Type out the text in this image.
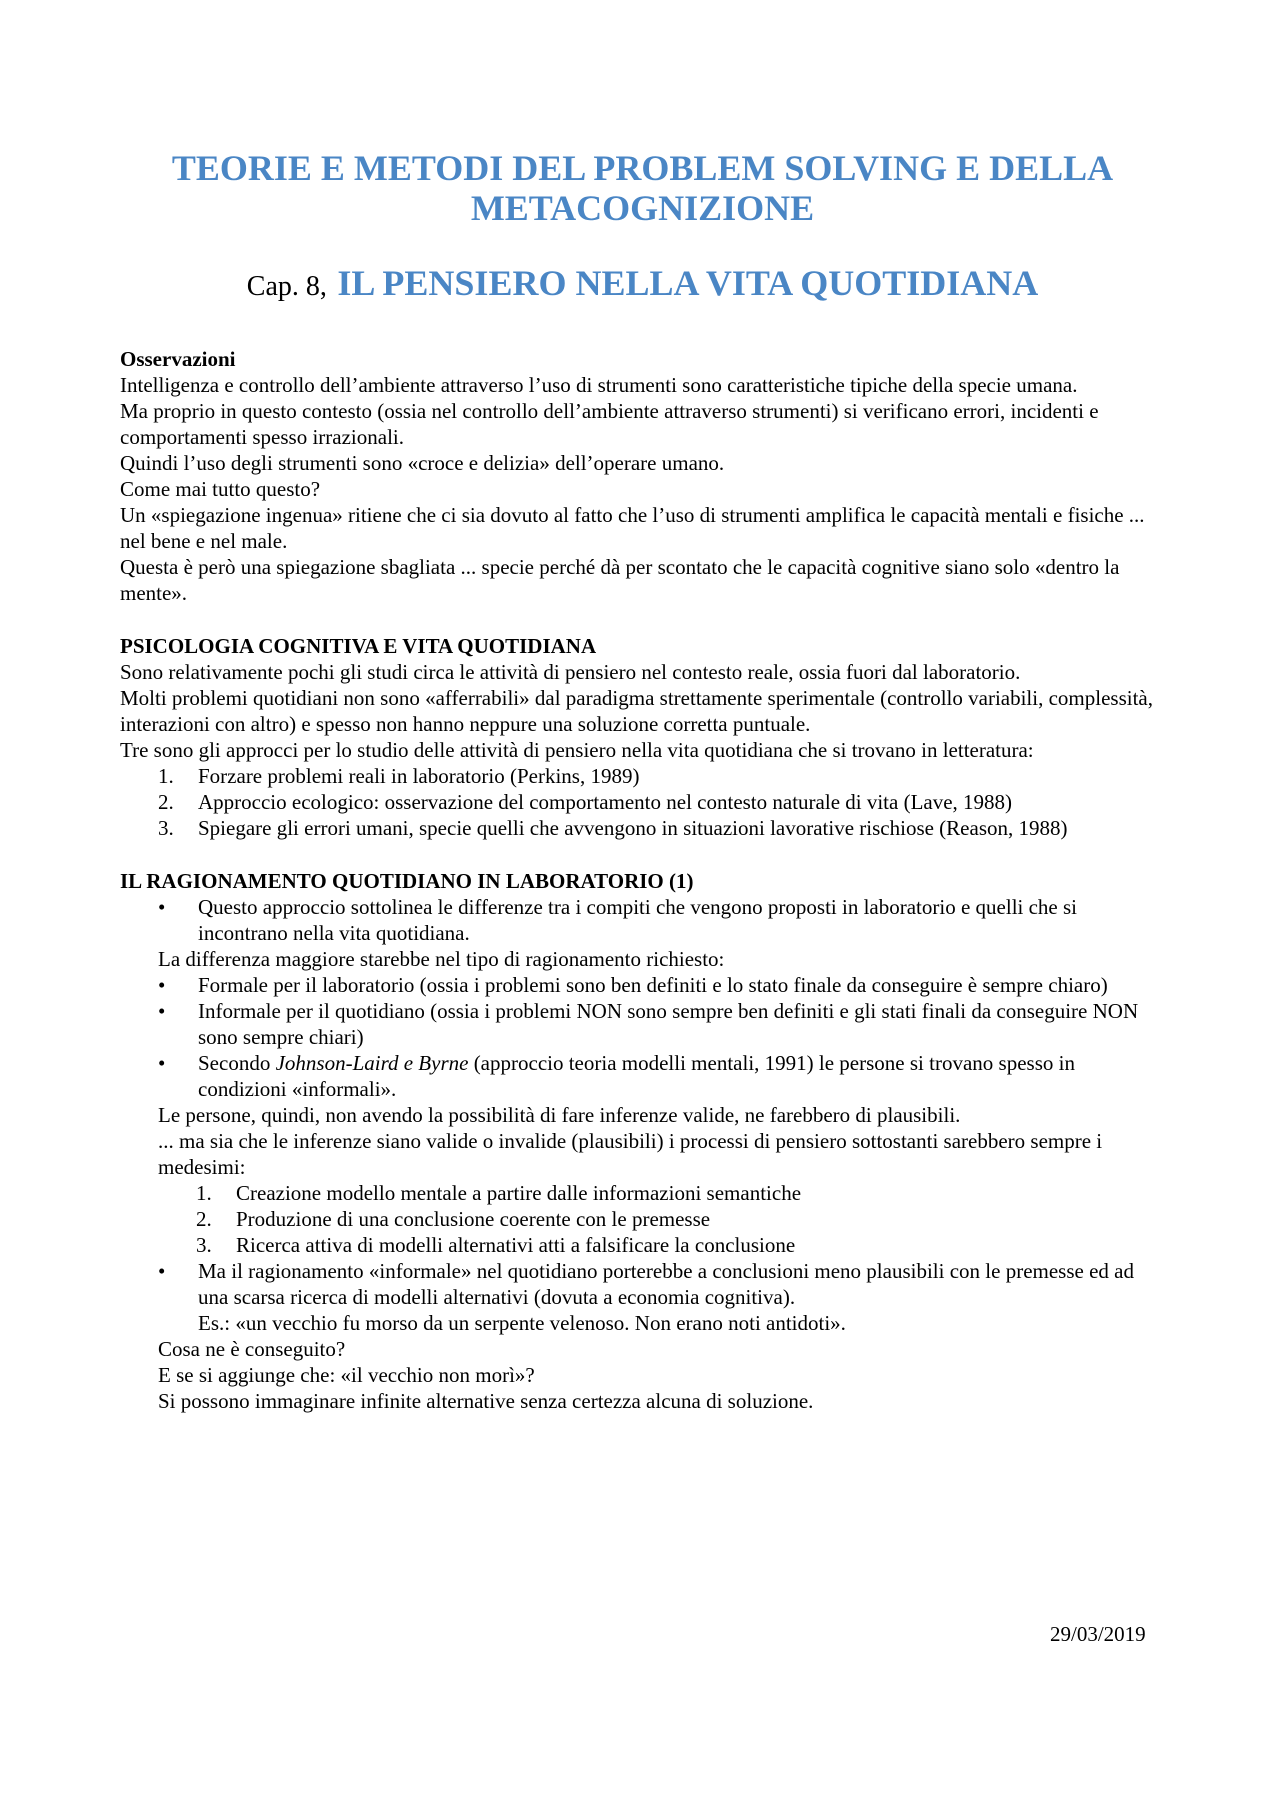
TEORIE E METODI DEL PROBLEM SOLVING E DELLA METACOGNIZIONE
Cap. 8, IL PENSIERO NELLA VITA QUOTIDIANA

Osservazioni

Intelligenza e controllo dell’ambiente attraverso l’uso di strumenti sono caratteristiche tipiche della specie umana.

Ma proprio in questo contesto (ossia nel controllo dell’ambiente attraverso strumenti) si verificano errori, incidenti e comportamenti spesso irrazionali.

Quindi l’uso degli strumenti sono «croce e delizia» dell’operare umano.

Come mai tutto questo?

Un «spiegazione ingenua» ritiene che ci sia dovuto al fatto che l’uso di strumenti amplifica le capacità mentali e fisiche ... nel bene e nel male.

Questa è però una spiegazione sbagliata ... specie perché dà per scontato che le capacità cognitive siano solo «dentro la mente».

PSICOLOGIA COGNITIVA E VITA QUOTIDIANA

Sono relativamente pochi gli studi circa le attività di pensiero nel contesto reale, ossia fuori dal laboratorio.

Molti problemi quotidiani non sono «afferrabili» dal paradigma strettamente sperimentale (controllo variabili, complessità, interazioni con altro) e spesso non hanno neppure una soluzione corretta puntuale.

Tre sono gli approcci per lo studio delle attività di pensiero nella vita quotidiana che si trovano in letteratura:

1.	Forzare problemi reali in laboratorio (Perkins, 1989)
2.	Approccio ecologico: osservazione del comportamento nel contesto naturale di vita (Lave, 1988)
3.	Spiegare gli errori umani, specie quelli che avvengono in situazioni lavorative rischiose (Reason, 1988)

IL RAGIONAMENTO QUOTIDIANO IN LABORATORIO (1)

• Questo approccio sottolinea le differenze tra i compiti che vengono proposti in laboratorio e quelli che si incontrano nella vita quotidiana.

La differenza maggiore starebbe nel tipo di ragionamento richiesto:

• Formale per il laboratorio (ossia i problemi sono ben definiti e lo stato finale da conseguire è sempre chiaro)
• Informale per il quotidiano (ossia i problemi NON sono sempre ben definiti e gli stati finali da conseguire NON sono sempre chiari)
• Secondo Johnson-Laird e Byrne (approccio teoria modelli mentali, 1991) le persone si trovano spesso in condizioni «informali».

Le persone, quindi, non avendo la possibilità di fare inferenze valide, ne farebbero di plausibili.

... ma sia che le inferenze siano valide o invalide (plausibili) i processi di pensiero sottostanti sarebbero sempre i medesimi:

1.	Creazione modello mentale a partire dalle informazioni semantiche
2.	Produzione di una conclusione coerente con le premesse
3.	Ricerca attiva di modelli alternativi atti a falsificare la conclusione
• Ma il ragionamento «informale» nel quotidiano porterebbe a conclusioni meno plausibili con le premesse ed ad una scarsa ricerca di modelli alternativi (dovuta a economia cognitiva).

Es.: «un vecchio fu morso da un serpente velenoso. Non erano noti antidoti».

Cosa ne è conseguito?

E se si aggiunge che: «il vecchio non morì»?

Si possono immaginare infinite alternative senza certezza alcuna di soluzione.

29/03/2019
